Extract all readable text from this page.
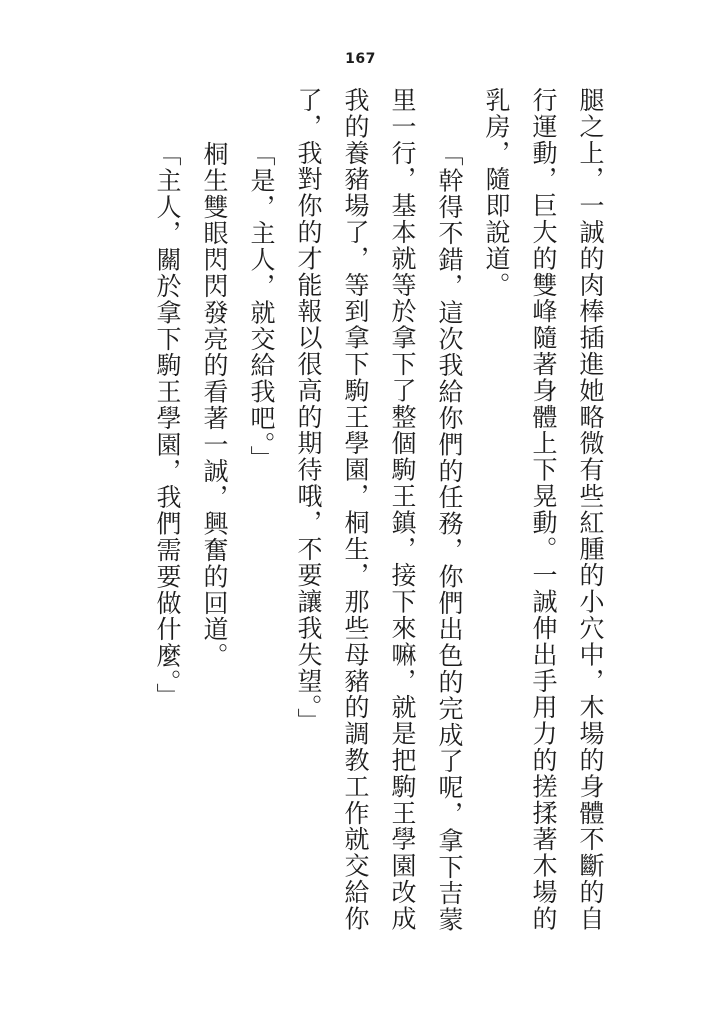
167

腿之上，一誠的肉棒插進她略微有些紅腫的小穴中，木場的身體不斷的自行運動，巨大的雙峰隨著身體上下晃動。一誠伸出手用力的搓揉著木場的乳房，隨即說道。

「幹得不錯，這次我給你們的任務，你們出色的完成了呢，拿下吉蒙里一行，基本就等於拿下了整個駒王鎮，接下來嘛，就是把駒王學園改成我的養豬場了，等到拿下駒王學園，桐生，那些母豬的調教工作就交給你了，我對你的才能報以很高的期待哦，不要讓我失望。」

「是，主人，就交給我吧。」

桐生雙眼閃閃發亮的看著一誠，興奮的回道。

「主人，關於拿下駒王學園，我們需要做什麼。」
